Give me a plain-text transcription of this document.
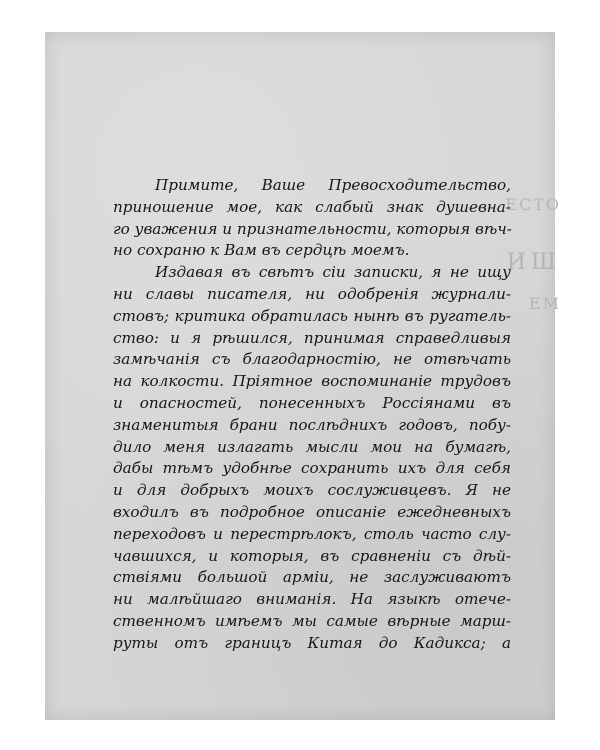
ЕСТО
ИШ
ЕМ
Примите, Ваше Превосходительство,
приношение мое, как слабый знак душевна-
го уважения и признательности, которыя вѣч-
но сохраню к Вам въ сердцѣ моемъ.
Издавая въ свѣтъ сіи записки, я не ищу
ни славы писателя, ни одобренія журнали-
стовъ; критика обратилась нынѣ въ ругатель-
ство: и я рѣшился, принимая справедливыя
замѣчанія съ благодарностію, не отвѣчать
на колкости. Пріятное воспоминаніе трудовъ
и опасностей, понесенныхъ Россіянами въ
знаменитыя брани послѣднихъ годовъ, побу-
дило меня излагать мысли мои на бумагѣ,
дабы тѣмъ удобнѣе сохранить ихъ для себя
и для добрыхъ моихъ сослуживцевъ. Я не
входилъ въ подробное описаніе ежедневныхъ
переходовъ и перестрѣлокъ, столь часто слу-
чавшихся, и которыя, въ сравненіи съ дѣй-
ствіями большой арміи, не заслуживаютъ
ни малѣйшаго вниманія. На языкѣ отече-
ственномъ имѣемъ мы самые вѣрные марш-
руты отъ границъ Китая до Кадикса; а
